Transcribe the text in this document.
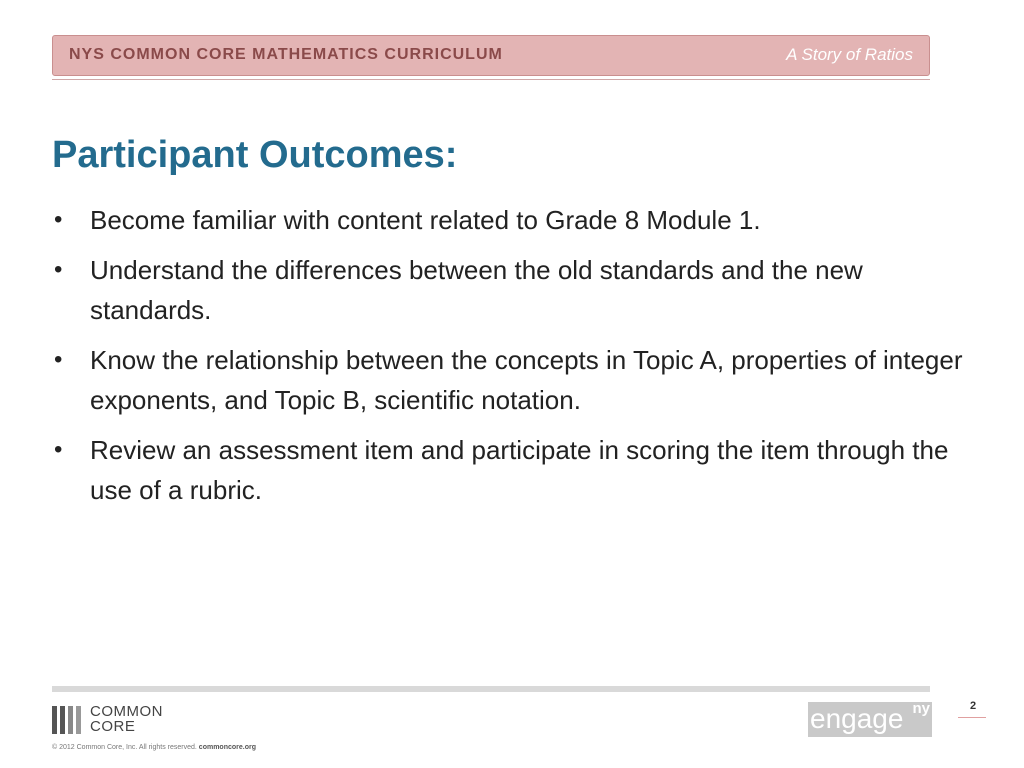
NYS COMMON CORE MATHEMATICS CURRICULUM	A Story of Ratios
Participant Outcomes:
• Become familiar with content related to Grade 8 Module 1.
• Understand the differences between the old standards and the new standards.
• Know the relationship between the concepts in Topic A, properties of integer exponents, and Topic B, scientific notation.
• Review an assessment item and participate in scoring the item through the use of a rubric.
COMMON
CORE
© 2012 Common Core, Inc. All rights reserved. commoncore.org
engage ny	2
